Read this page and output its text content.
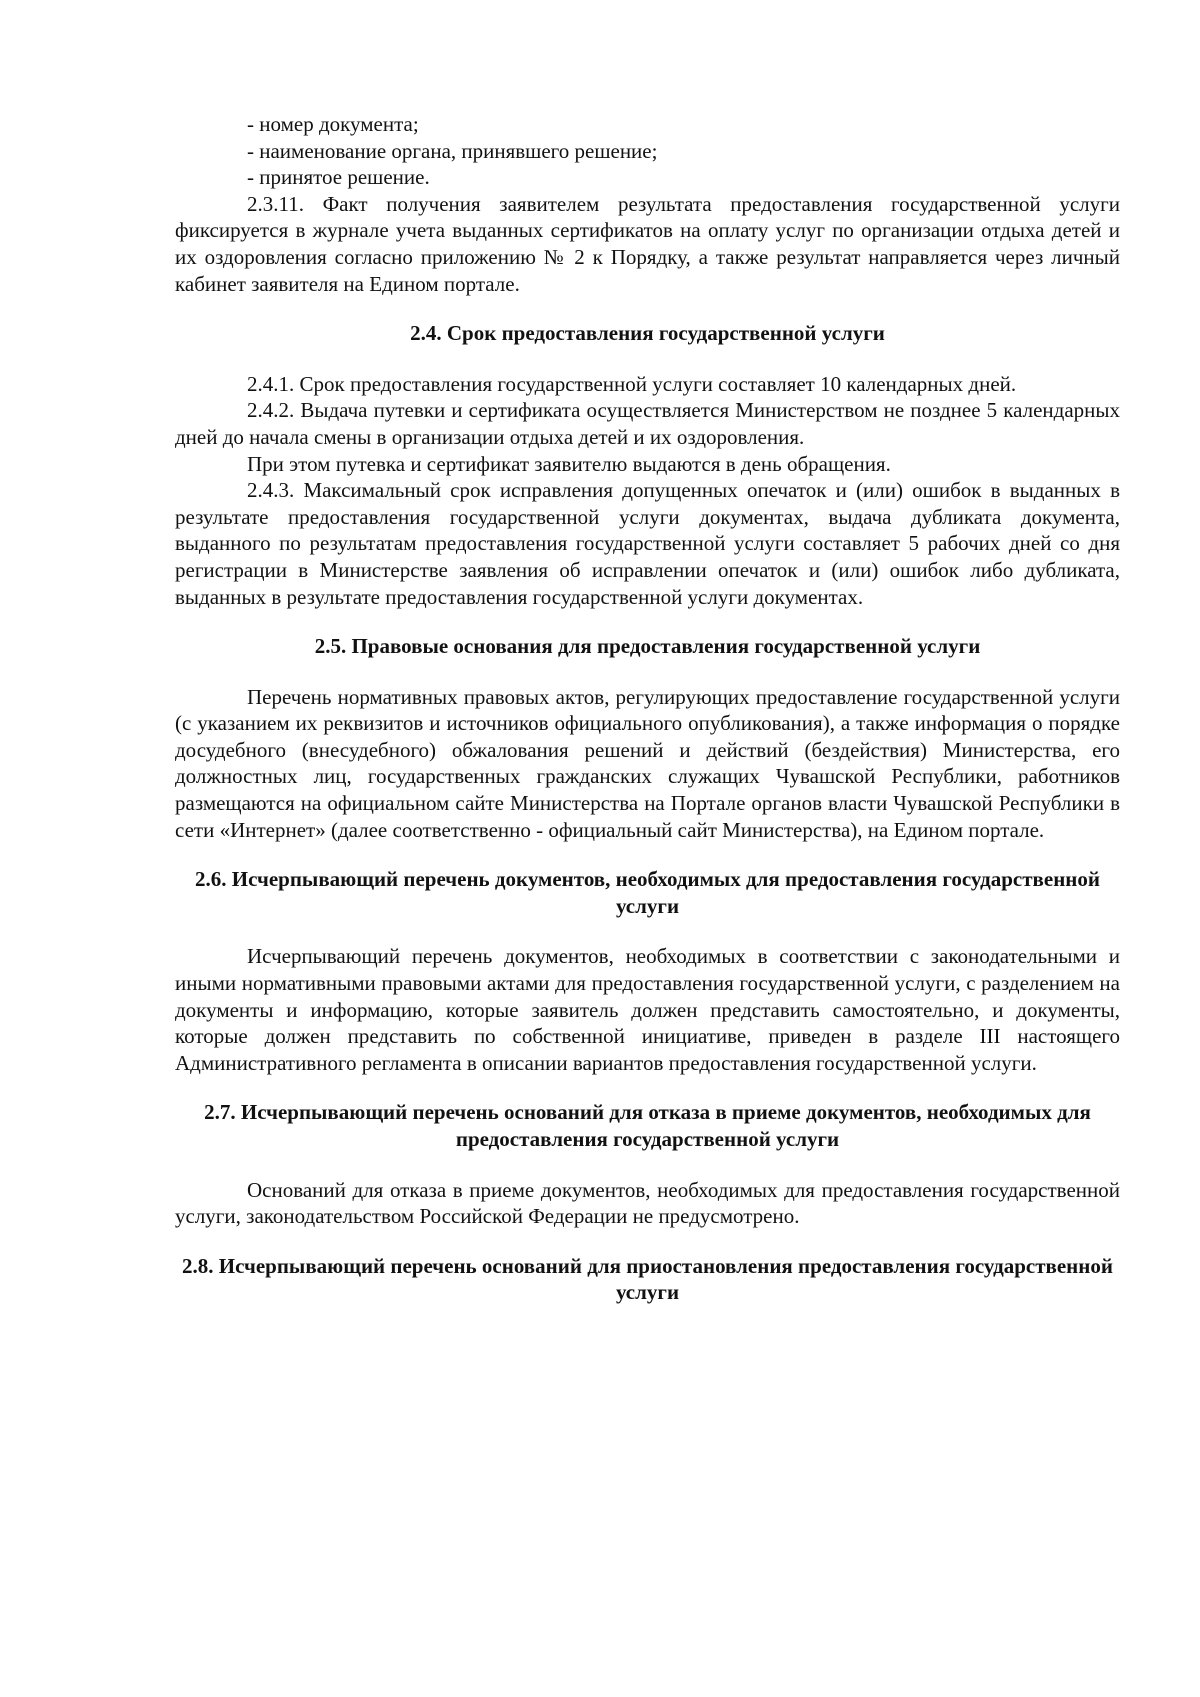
- номер документа;

- наименование органа, принявшего решение;

- принятое решение.

2.3.11. Факт получения заявителем результата предоставления государственной услуги фиксируется в журнале учета выданных сертификатов на оплату услуг по организации отдыха детей и их оздоровления согласно приложению № 2 к Порядку, а также результат направляется через личный кабинет заявителя на Едином портале.

2.4. Срок предоставления государственной услуги

2.4.1. Срок предоставления государственной услуги составляет 10 календарных дней.

2.4.2. Выдача путевки и сертификата осуществляется Министерством не позднее 5 календарных дней до начала смены в организации отдыха детей и их оздоровления.

При этом путевка и сертификат заявителю выдаются в день обращения.

2.4.3. Максимальный срок исправления допущенных опечаток и (или) ошибок в выданных в результате предоставления государственной услуги документах, выдача дубликата документа, выданного по результатам предоставления государственной услуги составляет 5 рабочих дней со дня регистрации в Министерстве заявления об исправлении опечаток и (или) ошибок либо дубликата, выданных в результате предоставления государственной услуги документах.

2.5. Правовые основания для предоставления государственной услуги

Перечень нормативных правовых актов, регулирующих предоставление государственной услуги (с указанием их реквизитов и источников официального опубликования), а также информация о порядке досудебного (внесудебного) обжалования решений и действий (бездействия) Министерства, его должностных лиц, государственных гражданских служащих Чувашской Республики, работников размещаются на официальном сайте Министерства на Портале органов власти Чувашской Республики в сети «Интернет» (далее соответственно - официальный сайт Министерства), на Едином портале.

2.6. Исчерпывающий перечень документов, необходимых для предоставления государственной услуги

Исчерпывающий перечень документов, необходимых в соответствии с законодательными и иными нормативными правовыми актами для предоставления государственной услуги, с разделением на документы и информацию, которые заявитель должен представить самостоятельно, и документы, которые должен представить по собственной инициативе, приведен в разделе III настоящего Административного регламента в описании вариантов предоставления государственной услуги.

2.7. Исчерпывающий перечень оснований для отказа в приеме документов, необходимых для предоставления государственной услуги

Оснований для отказа в приеме документов, необходимых для предоставления государственной услуги, законодательством Российской Федерации не предусмотрено.

2.8. Исчерпывающий перечень оснований для приостановления предоставления государственной услуги
